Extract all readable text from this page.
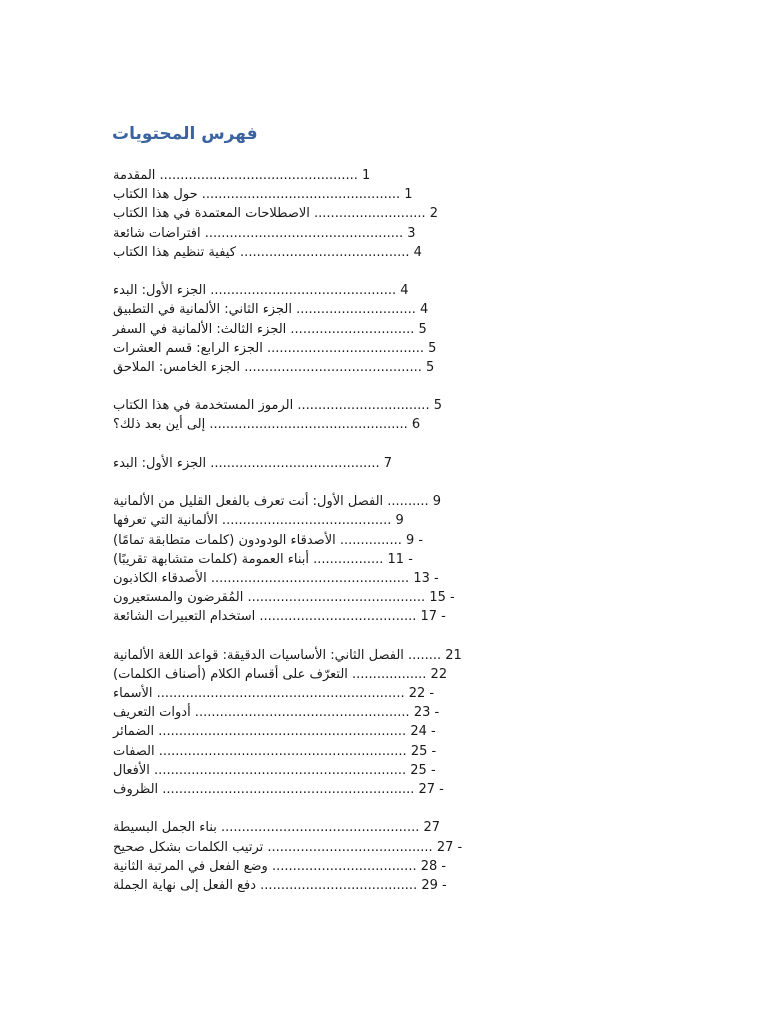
فهرس المحتويات
1 ................................................ المقدمة
1 ................................................ حول هذا الكتاب
2 ........................... الاصطلاحات المعتمدة في هذا الكتاب
3 ................................................ افتراضات شائعة
4 ......................................... كيفية تنظيم هذا الكتاب
4 ............................................. الجزء الأول: البدء
4 ............................. الجزء الثاني: الألمانية في التطبيق
5 .............................. الجزء الثالث: الألمانية في السفر
5 ...................................... الجزء الرابع: قسم العشرات
5 ........................................... الجزء الخامس: الملاحق
5 ................................ الرموز المستخدمة في هذا الكتاب
6 ................................................ إلى أين بعد ذلك؟
7 ......................................... الجزء الأول: البدء
9 .......... الفصل الأول: أنت تعرف بالفعل القليل من الألمانية
9 ......................................... الألمانية التي تعرفها
- 9 ............... الأصدقاء الودودون (كلمات متطابقة تمامًا)
- 11 ................. أبناء العمومة (كلمات متشابهة تقريبًا)
- 13 ................................................ الأصدقاء الكاذبون
- 15 ........................................... المُقرضون والمستعيرون
- 17 ...................................... استخدام التعبيرات الشائعة
21 ........ الفصل الثاني: الأساسيات الدقيقة: قواعد اللغة الألمانية
22 .................. التعرّف على أقسام الكلام (أصناف الكلمات)
- 22 ............................................................ الأسماء
- 23 .................................................... أدوات التعريف
- 24 ............................................................ الضمائر
- 25 ............................................................ الصفات
- 25 ............................................................. الأفعال
- 27 ............................................................. الظروف
27 ................................................ بناء الجمل البسيطة
- 27 ........................................ ترتيب الكلمات بشكل صحيح
- 28 ................................... وضع الفعل في المرتبة الثانية
- 29 ...................................... دفع الفعل إلى نهاية الجملة
